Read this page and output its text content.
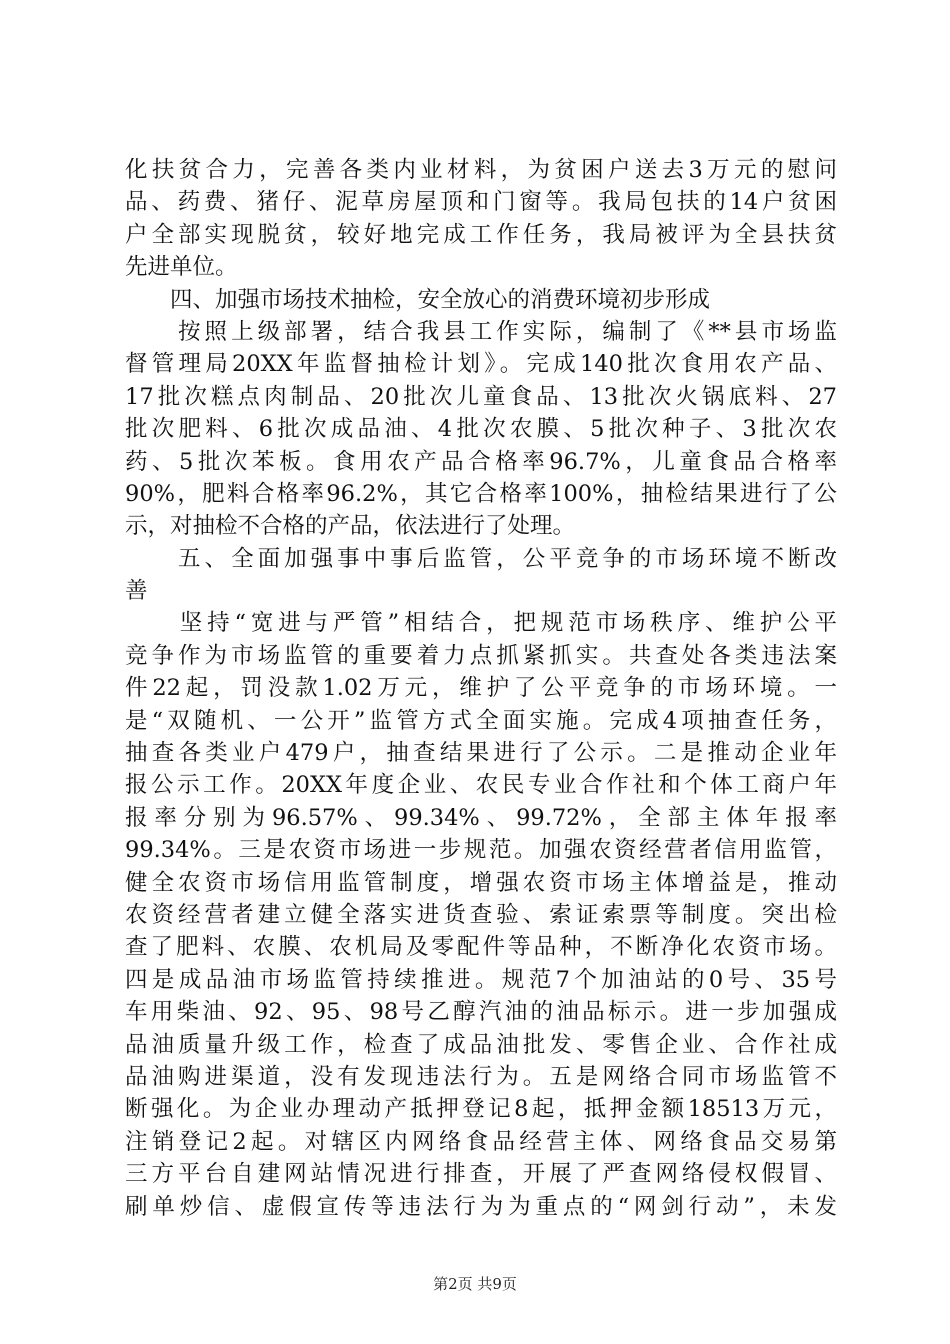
化扶贫合力，完善各类内业材料，为贫困户送去3万元的慰问
品、药费、猪仔、泥草房屋顶和门窗等。我局包扶的14户贫困
户全部实现脱贫，较好地完成工作任务，我局被评为全县扶贫
先进单位。
　　四、加强市场技术抽检，安全放心的消费环境初步形成
　　按照上级部署，结合我县工作实际，编制了《**县市场监
督管理局20XX年监督抽检计划》。完成140批次食用农产品、
17批次糕点肉制品、20批次儿童食品、13批次火锅底料、27
批次肥料、6批次成品油、4批次农膜、5批次种子、3批次农
药、5批次苯板。食用农产品合格率96.7%，儿童食品合格率
90%，肥料合格率96.2%，其它合格率100%，抽检结果进行了公
示，对抽检不合格的产品，依法进行了处理。
　　五、全面加强事中事后监管，公平竞争的市场环境不断改
善
　　坚持“宽进与严管”相结合，把规范市场秩序、维护公平
竞争作为市场监管的重要着力点抓紧抓实。共查处各类违法案
件22起，罚没款1.02万元，维护了公平竞争的市场环境。一
是“双随机、一公开”监管方式全面实施。完成4项抽查任务，
抽查各类业户479户，抽查结果进行了公示。二是推动企业年
报公示工作。20XX年度企业、农民专业合作社和个体工商户年
报率分别为96.57%、99.34%、99.72%，全部主体年报率
99.34%。三是农资市场进一步规范。加强农资经营者信用监管，
健全农资市场信用监管制度，增强农资市场主体增益是，推动
农资经营者建立健全落实进货查验、索证索票等制度。突出检
查了肥料、农膜、农机局及零配件等品种，不断净化农资市场。
四是成品油市场监管持续推进。规范7个加油站的0号、35号
车用柴油、92、95、98号乙醇汽油的油品标示。进一步加强成
品油质量升级工作，检查了成品油批发、零售企业、合作社成
品油购进渠道，没有发现违法行为。五是网络合同市场监管不
断强化。为企业办理动产抵押登记8起，抵押金额18513万元，
注销登记2起。对辖区内网络食品经营主体、网络食品交易第
三方平台自建网站情况进行排查，开展了严查网络侵权假冒、
刷单炒信、虚假宣传等违法行为为重点的“网剑行动”，未发
第2页 共9页
